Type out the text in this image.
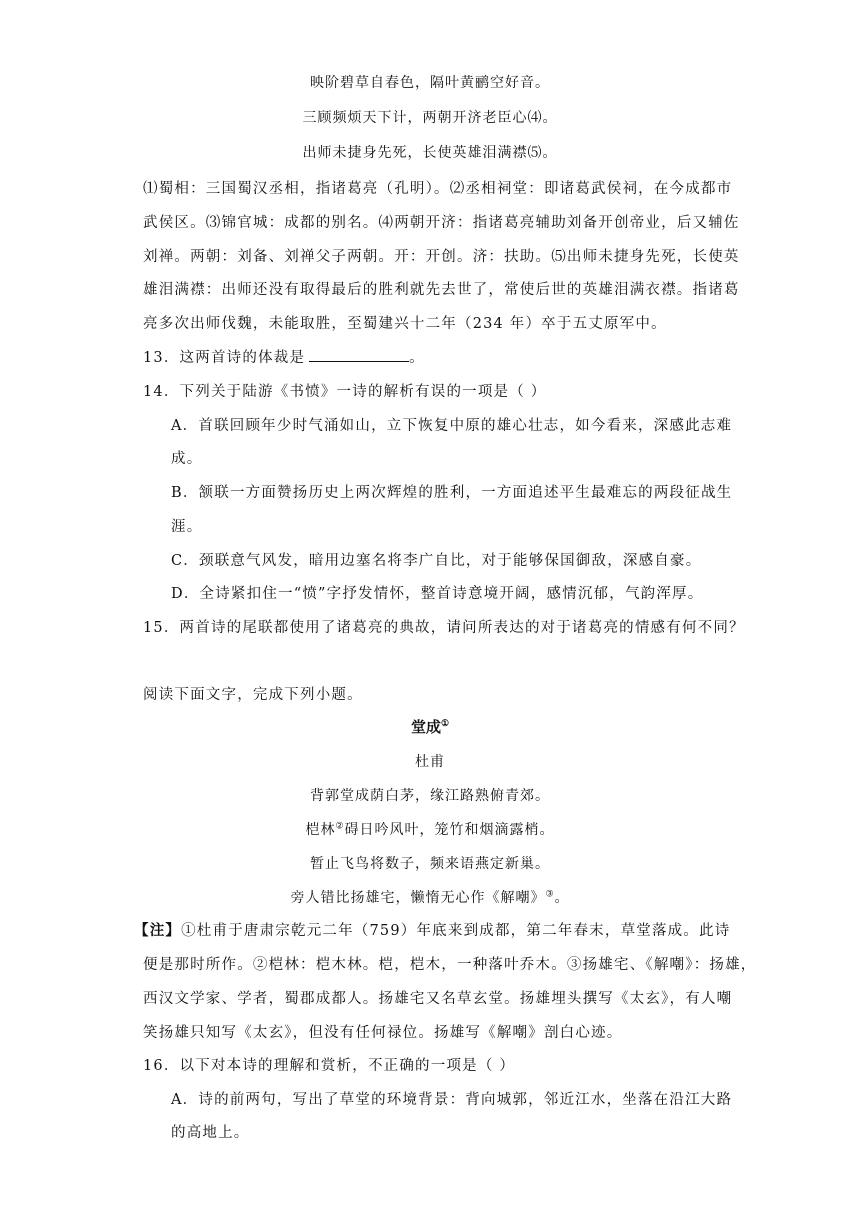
映阶碧草自春色，隔叶黄鹂空好音。
三顾频烦天下计，两朝开济老臣心⑷。
出师未捷身先死，长使英雄泪满襟⑸。
⑴蜀相：三国蜀汉丞相，指诸葛亮（孔明）。⑵丞相祠堂：即诸葛武侯祠，在今成都市
武侯区。⑶锦官城：成都的别名。⑷两朝开济：指诸葛亮辅助刘备开创帝业，后又辅佐
刘禅。两朝：刘备、刘禅父子两朝。开：开创。济：扶助。⑸出师未捷身先死，长使英
雄泪满襟：出师还没有取得最后的胜利就先去世了，常使后世的英雄泪满衣襟。指诸葛
亮多次出师伐魏，未能取胜，至蜀建兴十二年（234 年）卒于五丈原军中。
13．这两首诗的体裁是	。
14．下列关于陆游《书愤》一诗的解析有误的一项是（ ）
A．首联回顾年少时气涌如山，立下恢复中原的雄心壮志，如今看来，深感此志难
成。
B．颔联一方面赞扬历史上两次辉煌的胜利，一方面追述平生最难忘的两段征战生
涯。
C．颈联意气风发，暗用边塞名将李广自比，对于能够保国御敌，深感自豪。
D．全诗紧扣住一“愤”字抒发情怀，整首诗意境开阔，感情沉郁，气韵浑厚。
15．两首诗的尾联都使用了诸葛亮的典故，请问所表达的对于诸葛亮的情感有何不同？
阅读下面文字，完成下列小题。
堂成①
杜甫
背郭堂成荫白茅，缘江路熟俯青郊。
桤林②碍日吟风叶，笼竹和烟滴露梢。
暂止飞鸟将数子，频来语燕定新巢。
旁人错比扬雄宅，懒惰无心作《解嘲》③。
【注】①杜甫于唐肃宗乾元二年（759）年底来到成都，第二年春末，草堂落成。此诗
便是那时所作。②桤林：桤木林。桤，桤木，一种落叶乔木。③扬雄宅、《解嘲》：扬雄，
西汉文学家、学者，蜀郡成都人。扬雄宅又名草玄堂。扬雄埋头撰写《太玄》，有人嘲
笑扬雄只知写《太玄》，但没有任何禄位。扬雄写《解嘲》剖白心迹。
16．以下对本诗的理解和赏析，不正确的一项是（ ）
A．诗的前两句，写出了草堂的环境背景：背向城郭，邻近江水，坐落在沿江大路
的高地上。
